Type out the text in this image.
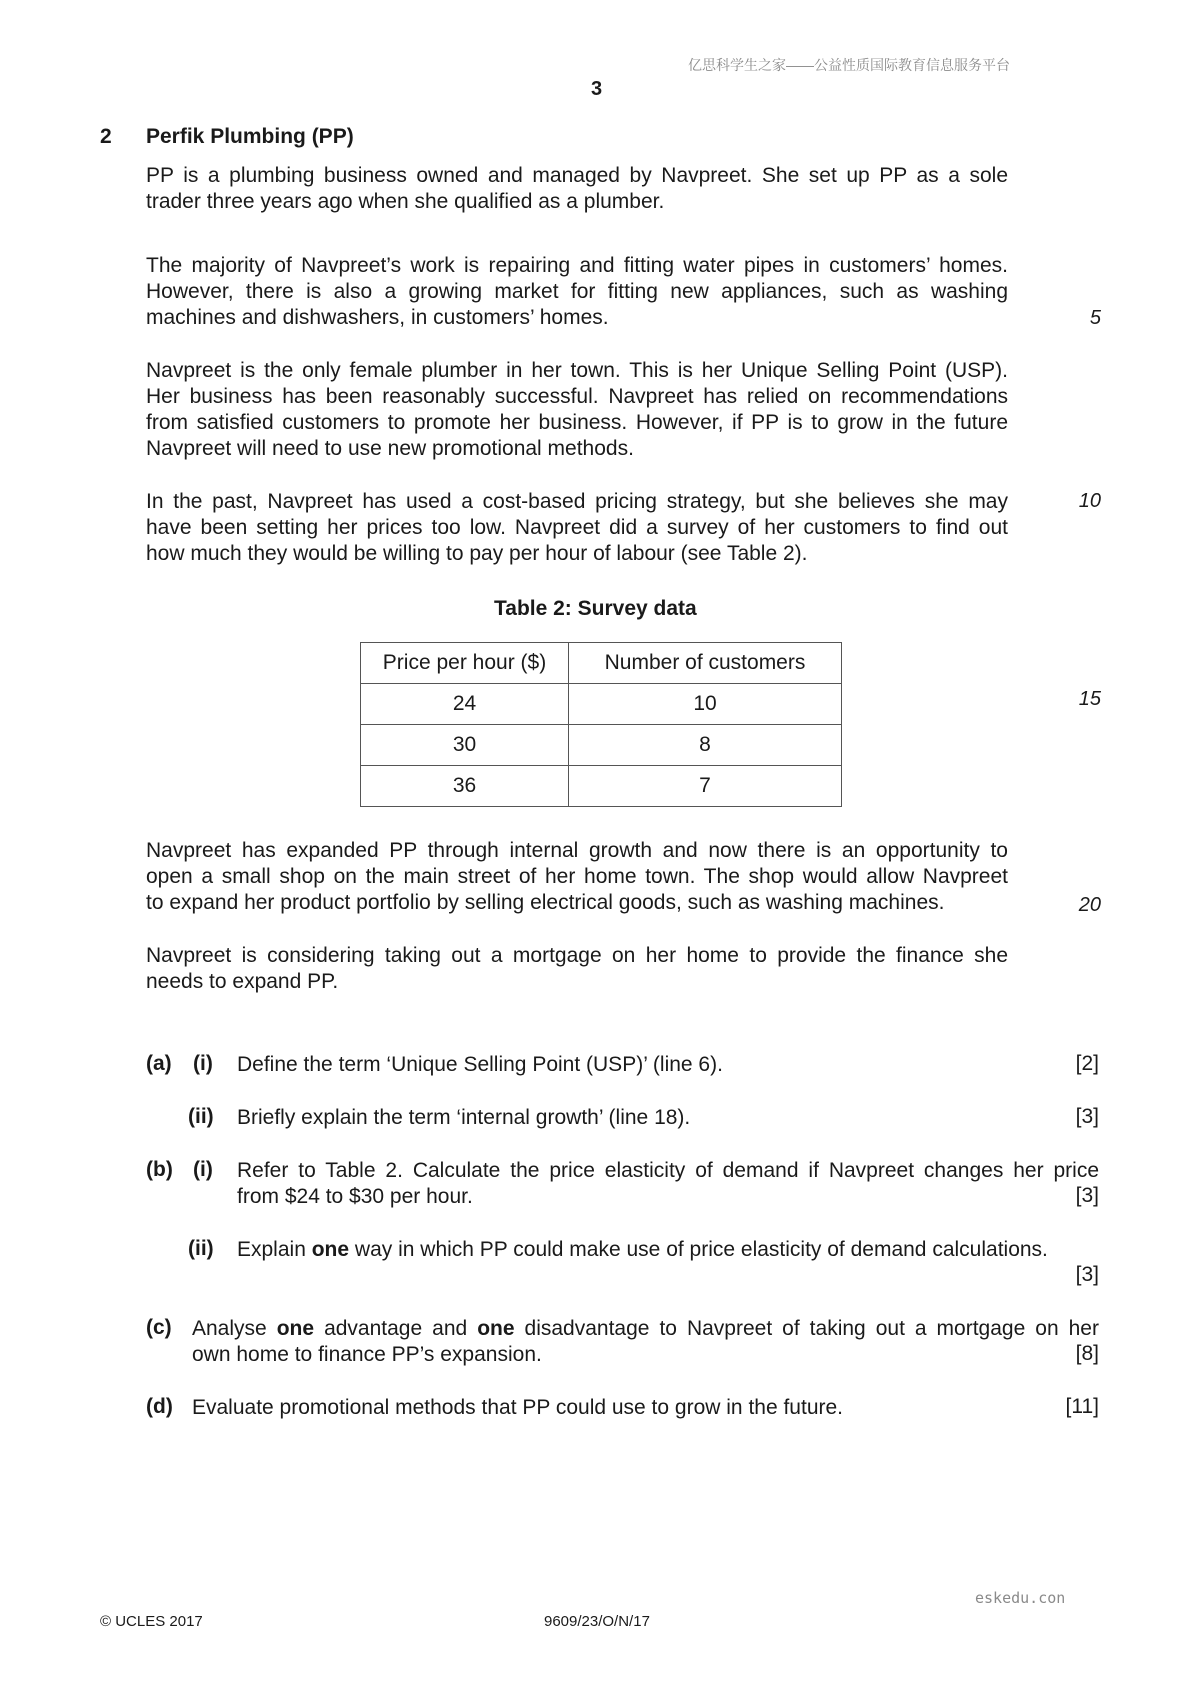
亿思科学生之家——公益性质国际教育信息服务平台
3
2 Perfik Plumbing (PP)
PP is a plumbing business owned and managed by Navpreet. She set up PP as a sole
trader three years ago when she qualified as a plumber.
The majority of Navpreet’s work is repairing and fitting water pipes in customers’ homes.
However, there is also a growing market for fitting new appliances, such as washing
machines and dishwashers, in customers’ homes.
Navpreet is the only female plumber in her town. This is her Unique Selling Point (USP).
Her business has been reasonably successful. Navpreet has relied on recommendations
from satisfied customers to promote her business. However, if PP is to grow in the future
Navpreet will need to use new promotional methods.
In the past, Navpreet has used a cost-based pricing strategy, but she believes she may
have been setting her prices too low. Navpreet did a survey of her customers to find out
how much they would be willing to pay per hour of labour (see Table 2).
Table 2: Survey data
Price per hour ($)	Number of customers
24	10
30	8
36	7
Navpreet has expanded PP through internal growth and now there is an opportunity to
open a small shop on the main street of her home town. The shop would allow Navpreet
to expand her product portfolio by selling electrical goods, such as washing machines.
Navpreet is considering taking out a mortgage on her home to provide the finance she
needs to expand PP.
5
10
15
20
(a) (i) Define the term ‘Unique Selling Point (USP)’ (line 6).	[2]
(ii) Briefly explain the term ‘internal growth’ (line 18).	[3]
(b) (i) Refer to Table 2. Calculate the price elasticity of demand if Navpreet changes her price
from $24 to $30 per hour.	[3]
(ii) Explain one way in which PP could make use of price elasticity of demand calculations.
[3]
(c) Analyse one advantage and one disadvantage to Navpreet of taking out a mortgage on her
own home to finance PP’s expansion.	[8]
(d) Evaluate promotional methods that PP could use to grow in the future.	[11]
eskedu.con
© UCLES 2017	9609/23/O/N/17
